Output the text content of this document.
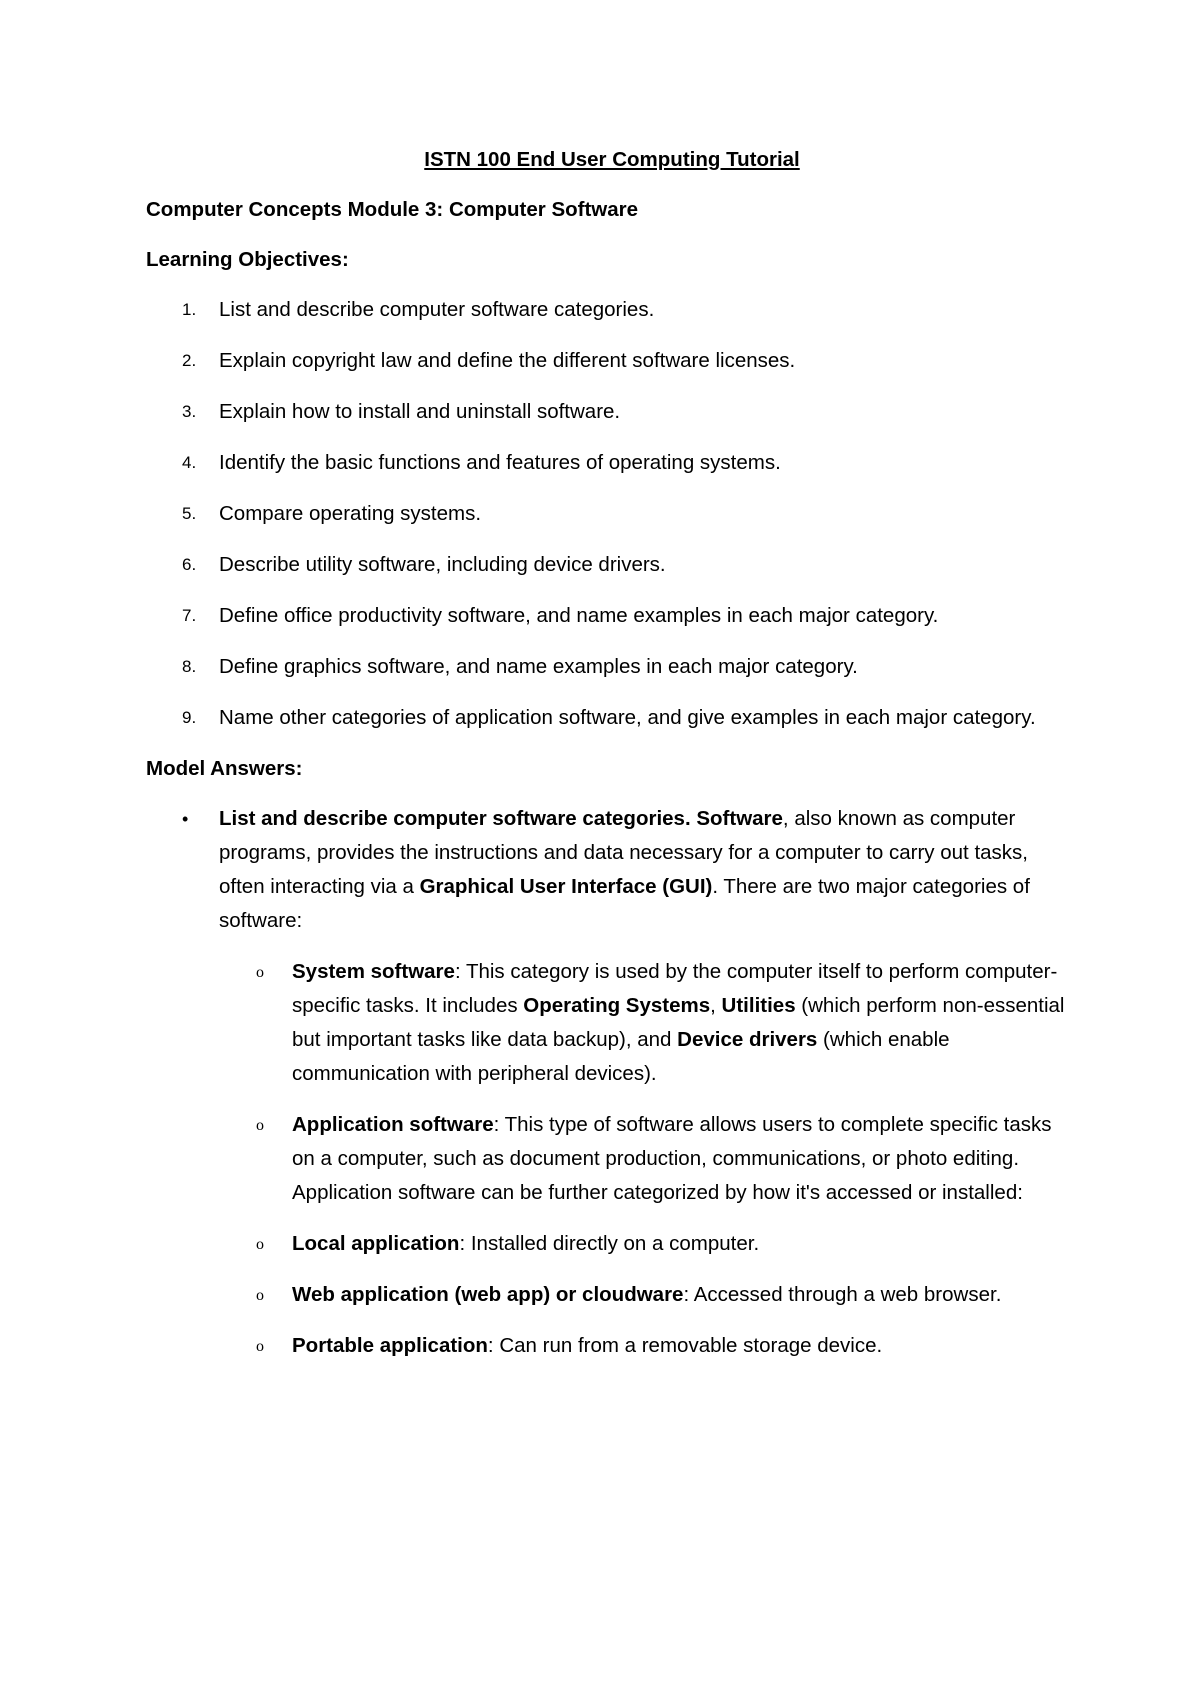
ISTN 100 End User Computing Tutorial
Computer Concepts Module 3: Computer Software
Learning Objectives:
1. List and describe computer software categories.
2. Explain copyright law and define the different software licenses.
3. Explain how to install and uninstall software.
4. Identify the basic functions and features of operating systems.
5. Compare operating systems.
6. Describe utility software, including device drivers.
7. Define office productivity software, and name examples in each major category.
8. Define graphics software, and name examples in each major category.
9. Name other categories of application software, and give examples in each major category.
Model Answers:
• List and describe computer software categories. Software, also known as computer programs, provides the instructions and data necessary for a computer to carry out tasks, often interacting via a Graphical User Interface (GUI). There are two major categories of software:
o System software: This category is used by the computer itself to perform computer-specific tasks. It includes Operating Systems, Utilities (which perform non-essential but important tasks like data backup), and Device drivers (which enable communication with peripheral devices).
o Application software: This type of software allows users to complete specific tasks on a computer, such as document production, communications, or photo editing. Application software can be further categorized by how it's accessed or installed:
o Local application: Installed directly on a computer.
o Web application (web app) or cloudware: Accessed through a web browser.
o Portable application: Can run from a removable storage device.
